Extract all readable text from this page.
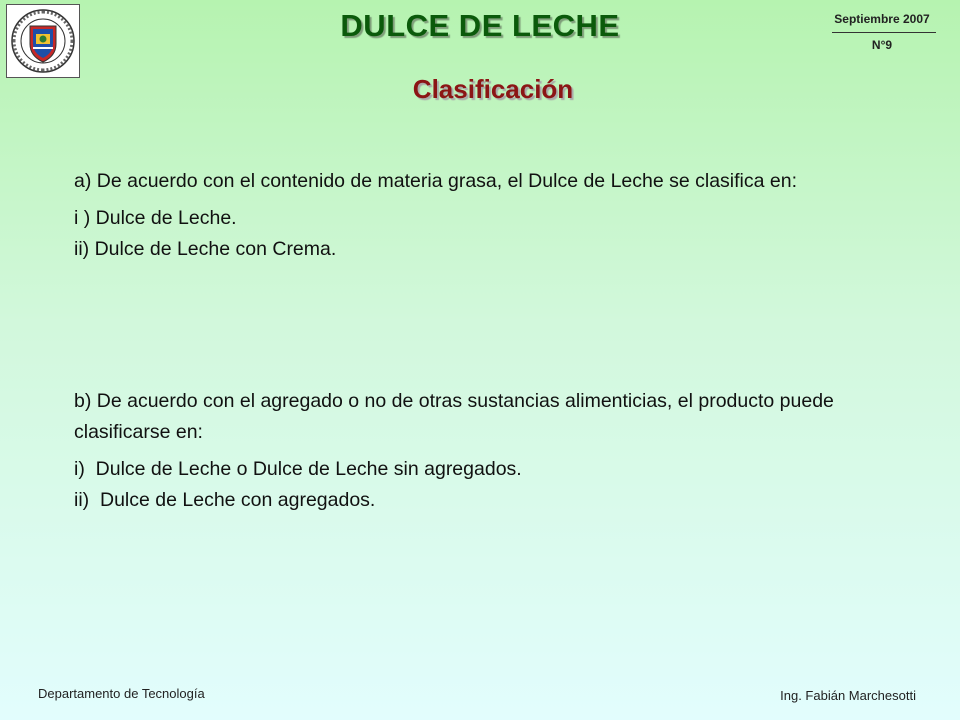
DULCE DE LECHE
Clasificación
Septiembre 2007
N°9

a) De acuerdo con el contenido de materia grasa, el Dulce de Leche se clasifica en:

i ) Dulce de Leche.

ii) Dulce de Leche con Crema.

b) De acuerdo con el agregado o no de otras sustancias alimenticias, el producto puede clasificarse en:

i)  Dulce de Leche o Dulce de Leche sin agregados.

ii)  Dulce de Leche con agregados.

Departamento de Tecnología	Ing. Fabián Marchesotti
